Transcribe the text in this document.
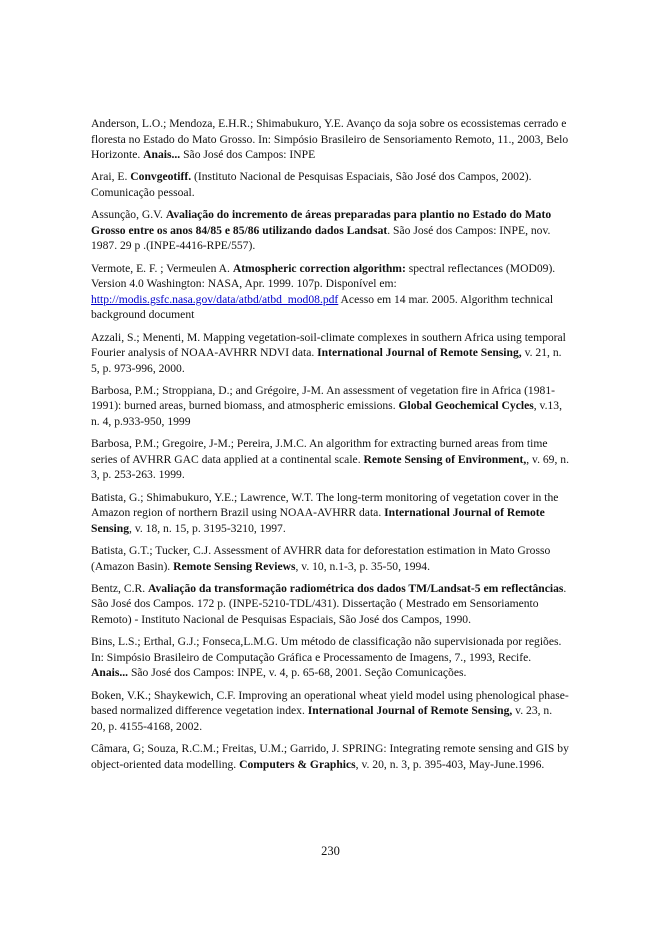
Anderson, L.O.; Mendoza, E.H.R.; Shimabukuro, Y.E. Avanço da soja sobre os ecossistemas cerrado e floresta no Estado do Mato Grosso. In: Simpósio Brasileiro de Sensoriamento Remoto, 11., 2003, Belo Horizonte. Anais... São José dos Campos: INPE

Arai, E. Convgeotiff. (Instituto Nacional de Pesquisas Espaciais, São José dos Campos, 2002). Comunicação pessoal.

Assunção, G.V. Avaliação do incremento de áreas preparadas para plantio no Estado do Mato Grosso entre os anos 84/85 e 85/86 utilizando dados Landsat. São José dos Campos: INPE, nov. 1987. 29 p .(INPE-4416-RPE/557).

Vermote, E. F. ; Vermeulen A. Atmospheric correction algorithm: spectral reflectances (MOD09). Version 4.0 Washington: NASA, Apr. 1999. 107p. Disponível em: http://modis.gsfc.nasa.gov/data/atbd/atbd_mod08.pdf Acesso em 14 mar. 2005. Algorithm technical background document

Azzali, S.; Menenti, M. Mapping vegetation-soil-climate complexes in southern Africa using temporal Fourier analysis of NOAA-AVHRR NDVI data. International Journal of Remote Sensing, v. 21, n. 5, p. 973-996, 2000.

Barbosa, P.M.; Stroppiana, D.; and Grégoire, J-M. An assessment of vegetation fire in Africa (1981-1991): burned areas, burned biomass, and atmospheric emissions. Global Geochemical Cycles, v.13, n. 4, p.933-950, 1999

Barbosa, P.M.; Gregoire, J-M.; Pereira, J.M.C. An algorithm for extracting burned areas from time series of AVHRR GAC data applied at a continental scale. Remote Sensing of Environment,, v. 69, n. 3, p. 253-263. 1999.

Batista, G.; Shimabukuro, Y.E.; Lawrence, W.T. The long-term monitoring of vegetation cover in the Amazon region of northern Brazil using NOAA-AVHRR data. International Journal of Remote Sensing, v. 18, n. 15, p. 3195-3210, 1997.

Batista, G.T.; Tucker, C.J. Assessment of AVHRR data for deforestation estimation in Mato Grosso (Amazon Basin). Remote Sensing Reviews, v. 10, n.1-3, p. 35-50, 1994.

Bentz, C.R. Avaliação da transformação radiométrica dos dados TM/Landsat-5 em reflectâncias. São José dos Campos. 172 p. (INPE-5210-TDL/431). Dissertação ( Mestrado em Sensoriamento Remoto) - Instituto Nacional de Pesquisas Espaciais, São José dos Campos, 1990.

Bins, L.S.; Erthal, G.J.; Fonseca,L.M.G. Um método de classificação não supervisionada por regiões. In: Simpósio Brasileiro de Computação Gráfica e Processamento de Imagens, 7., 1993, Recife. Anais... São José dos Campos: INPE, v. 4, p. 65-68, 2001. Seção Comunicações.

Boken, V.K.; Shaykewich, C.F. Improving an operational wheat yield model using phenological phase-based normalized difference vegetation index. International Journal of Remote Sensing, v. 23, n. 20, p. 4155-4168, 2002.

Câmara, G; Souza, R.C.M.; Freitas, U.M.; Garrido, J. SPRING: Integrating remote sensing and GIS by object-oriented data modelling. Computers & Graphics, v. 20, n. 3, p. 395-403, May-June.1996.

230
